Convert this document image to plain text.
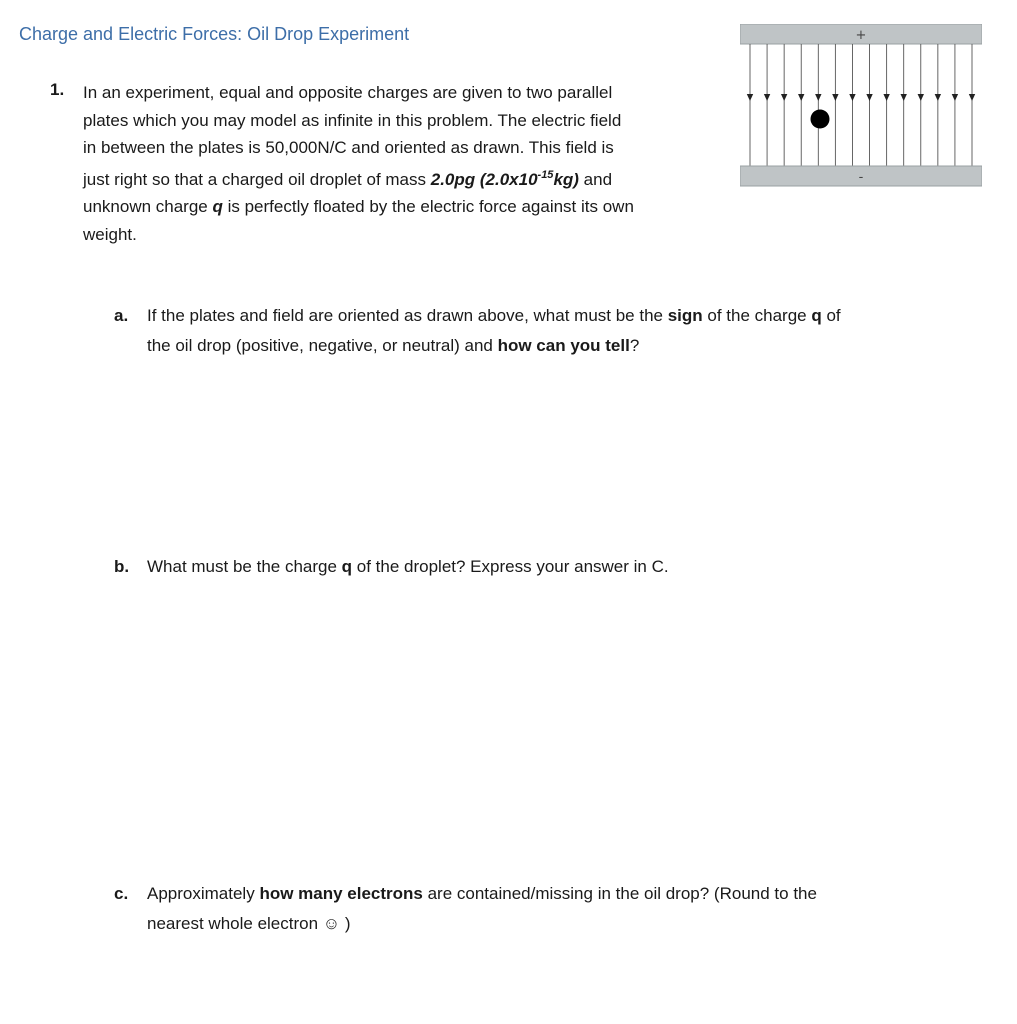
Charge and Electric Forces: Oil Drop Experiment
1. In an experiment, equal and opposite charges are given to two parallel
plates which you may model as infinite in this problem. The electric field
in between the plates is 50,000N/C and oriented as drawn. This field is
just right so that a charged oil droplet of mass 2.0pg $(2.0x10^{-15}kg)$ and
unknown charge q is perfectly floated by the electric force against its own
weight.
+
-
a. If the plates and field are oriented as drawn above, what must be the sign of the charge q of
the oil drop (positive, negative, or neutral) and how can you tell?
b. What must be the charge q of the droplet? Express your answer in C.
c. Approximately how many electrons are contained/missing in the oil drop? (Round to the
nearest whole electron ☺ )
